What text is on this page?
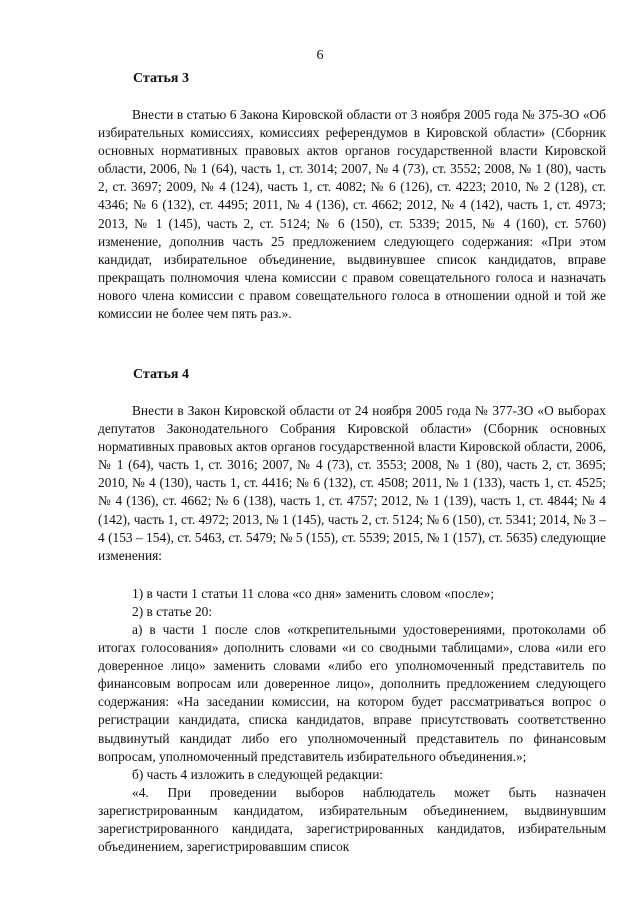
6
Статья 3
Внести в статью 6 Закона Кировской области от 3 ноября 2005 года № 375-ЗО «Об избирательных комиссиях, комиссиях референдумов в Кировской области» (Сборник основных нормативных правовых актов органов государственной власти Кировской области, 2006, № 1 (64), часть 1, ст. 3014; 2007, № 4 (73), ст. 3552; 2008, № 1 (80), часть 2, ст. 3697; 2009, № 4 (124), часть 1, ст. 4082; № 6 (126), ст. 4223; 2010, № 2 (128), ст. 4346; № 6 (132), ст. 4495; 2011, № 4 (136), ст. 4662; 2012, № 4 (142), часть 1, ст. 4973; 2013, № 1 (145), часть 2, ст. 5124; № 6 (150), ст. 5339; 2015, № 4 (160), ст. 5760) изменение, дополнив часть 25 предложением следующего содержания: «При этом кандидат, избирательное объединение, выдвинувшее список кандидатов, вправе прекращать полномочия члена комиссии с правом совещательного голоса и назначать нового члена комиссии с правом совещательного голоса в отношении одной и той же комиссии не более чем пять раз.».
Статья 4
Внести в Закон Кировской области от 24 ноября 2005 года № 377-ЗО «О выборах депутатов Законодательного Собрания Кировской области» (Сборник основных нормативных правовых актов органов государственной власти Кировской области, 2006, № 1 (64), часть 1, ст. 3016; 2007, № 4 (73), ст. 3553; 2008, № 1 (80), часть 2, ст. 3695; 2010, № 4 (130), часть 1, ст. 4416; № 6 (132), ст. 4508; 2011, № 1 (133), часть 1, ст. 4525; № 4 (136), ст. 4662; № 6 (138), часть 1, ст. 4757; 2012, № 1 (139), часть 1, ст. 4844; № 4 (142), часть 1, ст. 4972; 2013, № 1 (145), часть 2, ст. 5124; № 6 (150), ст. 5341; 2014, № 3 – 4 (153 – 154), ст. 5463, ст. 5479; № 5 (155), ст. 5539; 2015, № 1 (157), ст. 5635) следующие изменения:
1) в части 1 статьи 11 слова «со дня» заменить словом «после»;
2) в статье 20:
а) в части 1 после слов «открепительными удостоверениями, протоколами об итогах голосования» дополнить словами «и со сводными таблицами», слова «или его доверенное лицо» заменить словами «либо его уполномоченный представитель по финансовым вопросам или доверенное лицо», дополнить предложением следующего содержания: «На заседании комиссии, на котором будет рассматриваться вопрос о регистрации кандидата, списка кандидатов, вправе присутствовать соответственно выдвинутый кандидат либо его уполномоченный представитель по финансовым вопросам, уполномоченный представитель избирательного объединения.»;
б) часть 4 изложить в следующей редакции:
«4. При проведении выборов наблюдатель может быть назначен зарегистрированным кандидатом, избирательным объединением, выдвинувшим зарегистрированного кандидата, зарегистрированных кандидатов, избирательным объединением, зарегистрировавшим список
